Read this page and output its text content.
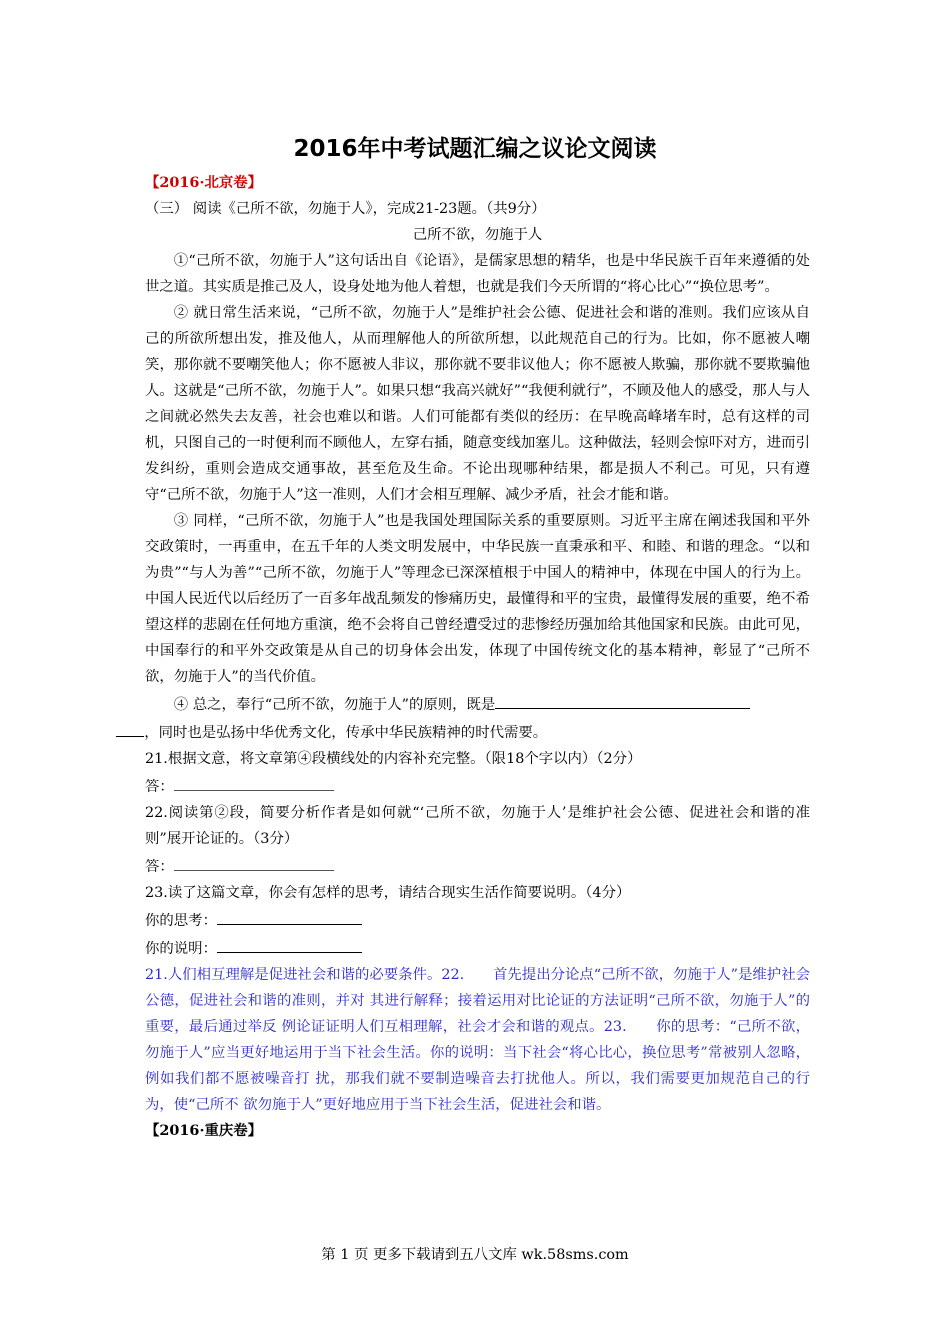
2016年中考试题汇编之议论文阅读

【2016·北京卷】

（三） 阅读《己所不欲，勿施于人》，完成21-23题。（共9分）

己所不欲，勿施于人

①“己所不欲，勿施于人”这句话出自《论语》，是儒家思想的精华，也是中华民族千百年来遵循的处世之道。其实质是推己及人，设身处地为他人着想，也就是我们今天所谓的“将心比心”“换位思考”。

② 就日常生活来说，“己所不欲，勿施于人”是维护社会公德、促进社会和谐的准则。我们应该从自己的所欲所想出发，推及他人，从而理解他人的所欲所想，以此规范自己的行为。比如，你不愿被人嘲笑，那你就不要嘲笑他人；你不愿被人非议，那你就不要非议他人；你不愿被人欺骗，那你就不要欺骗他人。这就是“己所不欲，勿施于人”。如果只想“我高兴就好”“我便利就行”，不顾及他人的感受，那人与人之间就必然失去友善，社会也难以和谐。人们可能都有类似的经历：在早晚高峰堵车时，总有这样的司机，只图自己的一时便利而不顾他人，左穿右插，随意变线加塞儿。这种做法，轻则会惊吓对方，进而引发纠纷，重则会造成交通事故，甚至危及生命。不论出现哪种结果，都是损人不利己。可见，只有遵守“己所不欲，勿施于人”这一准则，人们才会相互理解、减少矛盾，社会才能和谐。

③ 同样，“己所不欲，勿施于人”也是我国处理国际关系的重要原则。习近平主席在阐述我国和平外交政策时，一再重申，在五千年的人类文明发展中，中华民族一直秉承和平、和睦、和谐的理念。“以和为贵”“与人为善”“己所不欲，勿施于人”等理念已深深植根于中国人的精神中，体现在中国人的行为上。中国人民近代以后经历了一百多年战乱频发的惨痛历史，最懂得和平的宝贵，最懂得发展的重要，绝不希望这样的悲剧在任何地方重演，绝不会将自己曾经遭受过的悲惨经历强加给其他国家和民族。由此可见，中国奉行的和平外交政策是从自己的切身体会出发，体现了中国传统文化的基本精神，彰显了“己所不欲，勿施于人”的当代价值。

④ 总之，奉行“己所不欲，勿施于人”的原则，既是
，同时也是弘扬中华优秀文化，传承中华民族精神的时代需要。

21.根据文意，将文章第④段横线处的内容补充完整。（限18个字以内）（2分）

答：

22.阅读第②段，简要分析作者是如何就“‘己所不欲，勿施于人’是维护社会公德、促进社会和谐的准则”展开论证的。（3分）

答：

23.读了这篇文章，你会有怎样的思考，请结合现实生活作简要说明。（4分）

你的思考：

你的说明：

21.人们相互理解是促进社会和谐的必要条件。22.　　首先提出分论点“己所不欲，勿施于人”是维护社会公德，促进社会和谐的准则，并对 其进行解释；接着运用对比论证的方法证明“己所不欲，勿施于人”的重要，最后通过举反 例论证证明人们互相理解，社会才会和谐的观点。23.　　你的思考：“己所不欲，勿施于人”应当更好地运用于当下社会生活。你的说明：当下社会“将心比心，换位思考”常被别人忽略，例如我们都不愿被噪音打 扰，那我们就不要制造噪音去打扰他人。所以，我们需要更加规范自己的行为，使“己所不 欲勿施于人”更好地应用于当下社会生活，促进社会和谐。

【2016·重庆卷】

第 1 页 更多下载请到五八文库 wk.58sms.com
